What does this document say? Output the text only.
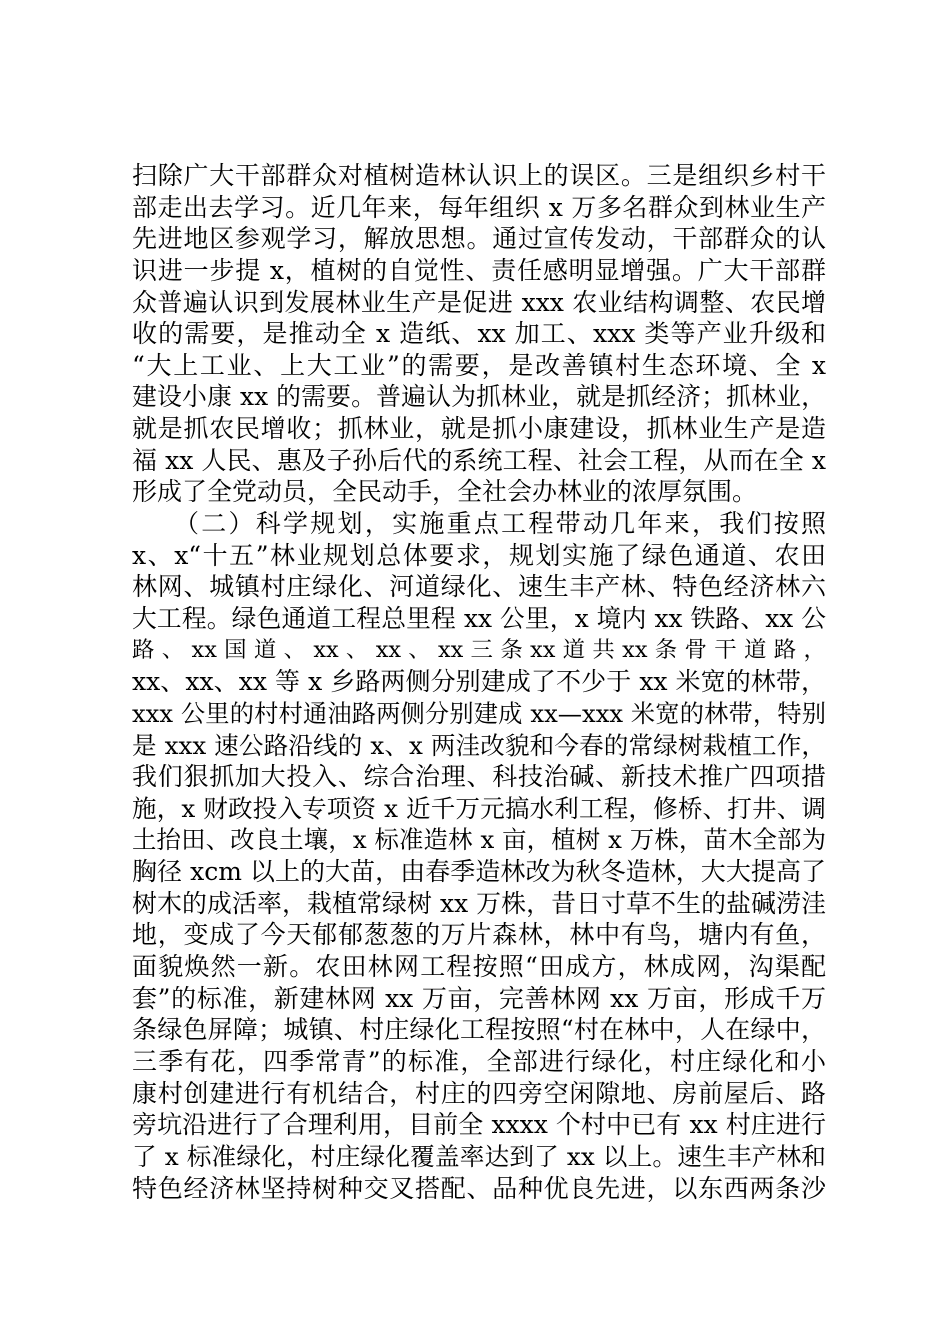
扫除广大干部群众对植树造林认识上的误区。三是组织乡村干
部走出去学习。近几年来，每年组织 x 万多名群众到林业生产
先进地区参观学习，解放思想。通过宣传发动，干部群众的认
识进一步提 x，植树的自觉性、责任感明显增强。广大干部群
众普遍认识到发展林业生产是促进 xxx 农业结构调整、农民增
收的需要，是推动全 x 造纸、xx 加工、xxx 类等产业升级和
“大上工业、上大工业”的需要，是改善镇村生态环境、全 x
建设小康 xx 的需要。普遍认为抓林业，就是抓经济；抓林业，
就是抓农民增收；抓林业，就是抓小康建设，抓林业生产是造
福 xx 人民、惠及子孙后代的系统工程、社会工程，从而在全 x
形成了全党动员，全民动手，全社会办林业的浓厚氛围。
（二）科学规划，实施重点工程带动几年来，我们按照
x、x“十五”林业规划总体要求，规划实施了绿色通道、农田
林网、城镇村庄绿化、河道绿化、速生丰产林、特色经济林六
大工程。绿色通道工程总里程 xx 公里，x 境内 xx 铁路、xx 公
路 、 xx 国 道 、 xx 、 xx 、 xx 三 条 xx 道 共 xx 条 骨 干 道 路 ，
xx、xx、xx 等 x 乡路两侧分别建成了不少于 xx 米宽的林带，
xxx 公里的村村通油路两侧分别建成 xx—xxx 米宽的林带，特别
是 xxx 速公路沿线的 x、x 两洼改貌和今春的常绿树栽植工作，
我们狠抓加大投入、综合治理、科技治碱、新技术推广四项措
施，x 财政投入专项资 x 近千万元搞水利工程，修桥、打井、调
土抬田、改良土壤，x 标准造林 x 亩，植树 x 万株，苗木全部为
胸径 xcm 以上的大苗，由春季造林改为秋冬造林，大大提高了
树木的成活率，栽植常绿树 xx 万株，昔日寸草不生的盐碱涝洼
地，变成了今天郁郁葱葱的万片森林，林中有鸟，塘内有鱼，
面貌焕然一新。农田林网工程按照“田成方，林成网，沟渠配
套”的标准，新建林网 xx 万亩，完善林网 xx 万亩，形成千万
条绿色屏障；城镇、村庄绿化工程按照“村在林中，人在绿中，
三季有花，四季常青”的标准，全部进行绿化，村庄绿化和小
康村创建进行有机结合，村庄的四旁空闲隙地、房前屋后、路
旁坑沿进行了合理利用，目前全 xxxx 个村中已有 xx 村庄进行
了 x 标准绿化，村庄绿化覆盖率达到了 xx 以上。速生丰产林和
特色经济林坚持树种交叉搭配、品种优良先进，以东西两条沙
